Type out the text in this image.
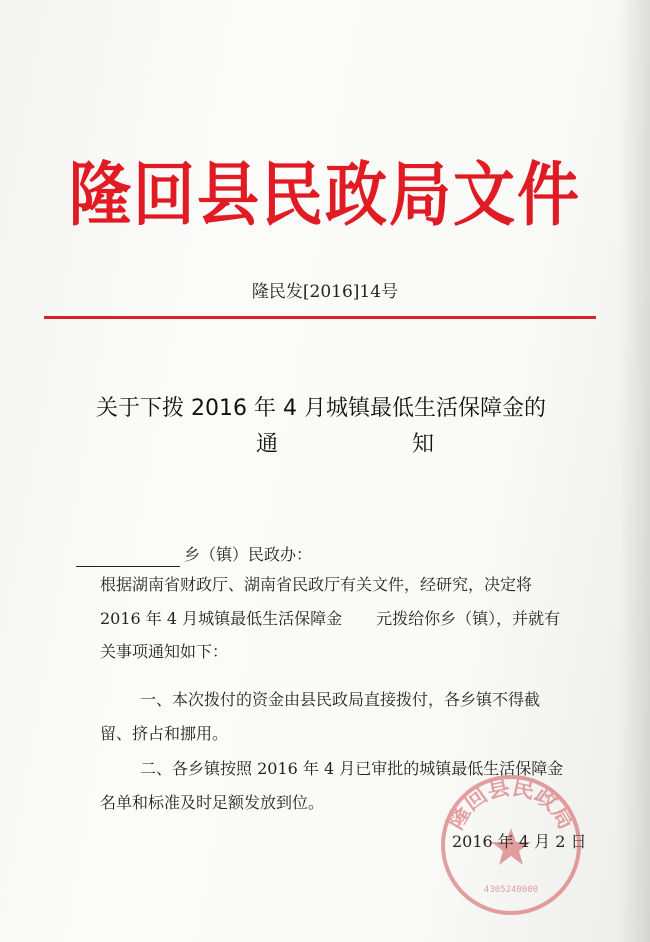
隆回县民政局文件
隆民发[2016]14号
关于下拨 2016 年 4 月城镇最低生活保障金的
通	知
乡（镇）民政办：
根据湖南省财政厅、湖南省民政厅有关文件，经研究，决定将
2016 年 4 月城镇最低生活保障金 元拨给你乡（镇），并就有
关事项通知如下：
一、本次拨付的资金由县民政局直接拨付，各乡镇不得截
留、挤占和挪用。
二、各乡镇按照 2016 年 4 月已审批的城镇最低生活保障金
名单和标准及时足额发放到位。	隆回县民政局
4305240000
2016 年 4 月 2 日
